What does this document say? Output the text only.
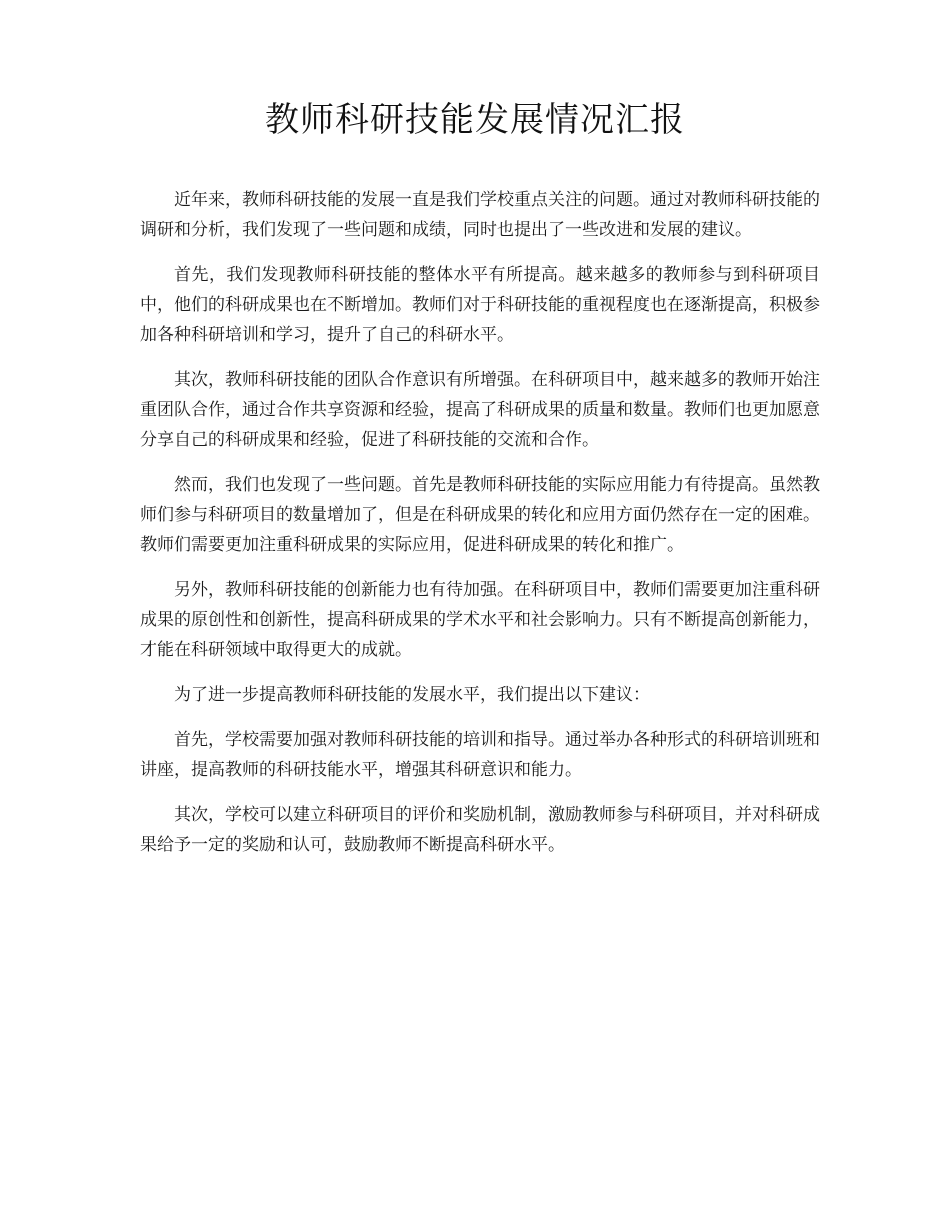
教师科研技能发展情况汇报

近年来，教师科研技能的发展一直是我们学校重点关注的问题。通过对教师科研技能的调研和分析，我们发现了一些问题和成绩，同时也提出了一些改进和发展的建议。

首先，我们发现教师科研技能的整体水平有所提高。越来越多的教师参与到科研项目中，他们的科研成果也在不断增加。教师们对于科研技能的重视程度也在逐渐提高，积极参加各种科研培训和学习，提升了自己的科研水平。

其次，教师科研技能的团队合作意识有所增强。在科研项目中，越来越多的教师开始注重团队合作，通过合作共享资源和经验，提高了科研成果的质量和数量。教师们也更加愿意分享自己的科研成果和经验，促进了科研技能的交流和合作。

然而，我们也发现了一些问题。首先是教师科研技能的实际应用能力有待提高。虽然教师们参与科研项目的数量增加了，但是在科研成果的转化和应用方面仍然存在一定的困难。教师们需要更加注重科研成果的实际应用，促进科研成果的转化和推广。

另外，教师科研技能的创新能力也有待加强。在科研项目中，教师们需要更加注重科研成果的原创性和创新性，提高科研成果的学术水平和社会影响力。只有不断提高创新能力，才能在科研领域中取得更大的成就。

为了进一步提高教师科研技能的发展水平，我们提出以下建议：

首先，学校需要加强对教师科研技能的培训和指导。通过举办各种形式的科研培训班和讲座，提高教师的科研技能水平，增强其科研意识和能力。

其次，学校可以建立科研项目的评价和奖励机制，激励教师参与科研项目，并对科研成果给予一定的奖励和认可，鼓励教师不断提高科研水平。
